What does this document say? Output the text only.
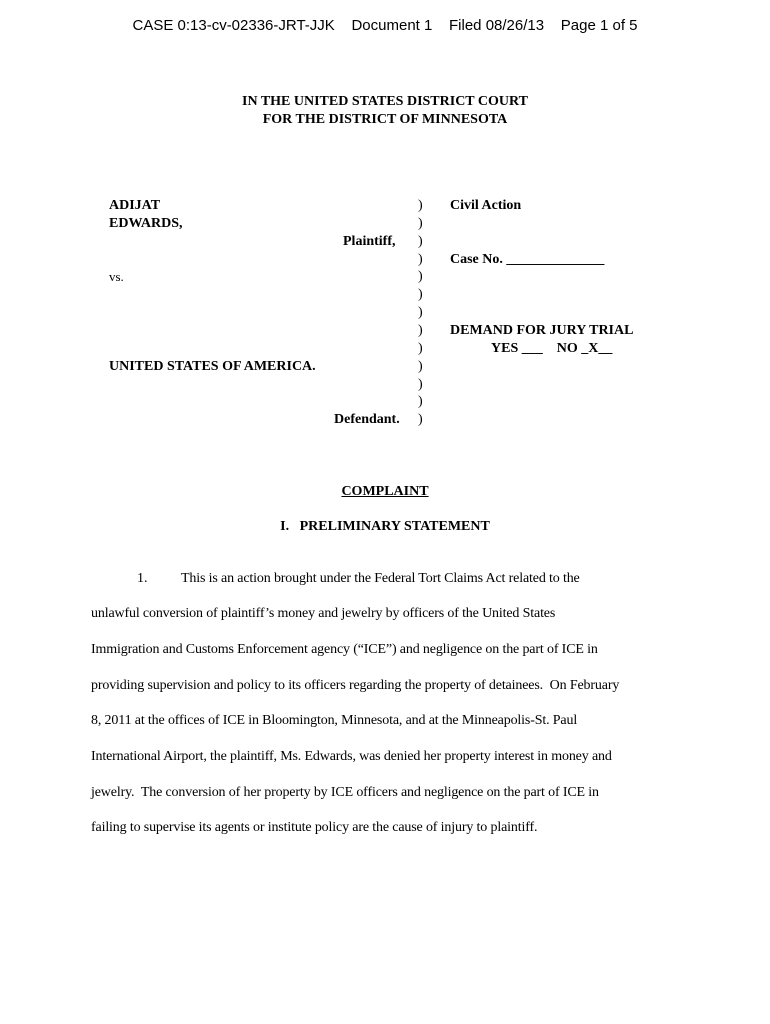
CASE 0:13-cv-02336-JRT-JJK Document 1 Filed 08/26/13 Page 1 of 5
IN THE UNITED STATES DISTRICT COURT
FOR THE DISTRICT OF MINNESOTA
ADIJAT
EDWARDS,
Plaintiff,
vs.
UNITED STATES OF AMERICA.
Defendant.
)
)
)
)
)
)
)
)
)
)
)
)
)
Civil Action
Case No. ______________
DEMAND FOR JURY TRIAL
YES ___    NO _X__
COMPLAINT
I.   PRELIMINARY STATEMENT
1. This is an action brought under the Federal Tort Claims Act related to the
unlawful conversion of plaintiff’s money and jewelry by officers of the United States
Immigration and Customs Enforcement agency (“ICE”) and negligence on the part of ICE in
providing supervision and policy to its officers regarding the property of detainees.  On February
8, 2011 at the offices of ICE in Bloomington, Minnesota, and at the Minneapolis-St. Paul
International Airport, the plaintiff, Ms. Edwards, was denied her property interest in money and
jewelry.  The conversion of her property by ICE officers and negligence on the part of ICE in
failing to supervise its agents or institute policy are the cause of injury to plaintiff.
